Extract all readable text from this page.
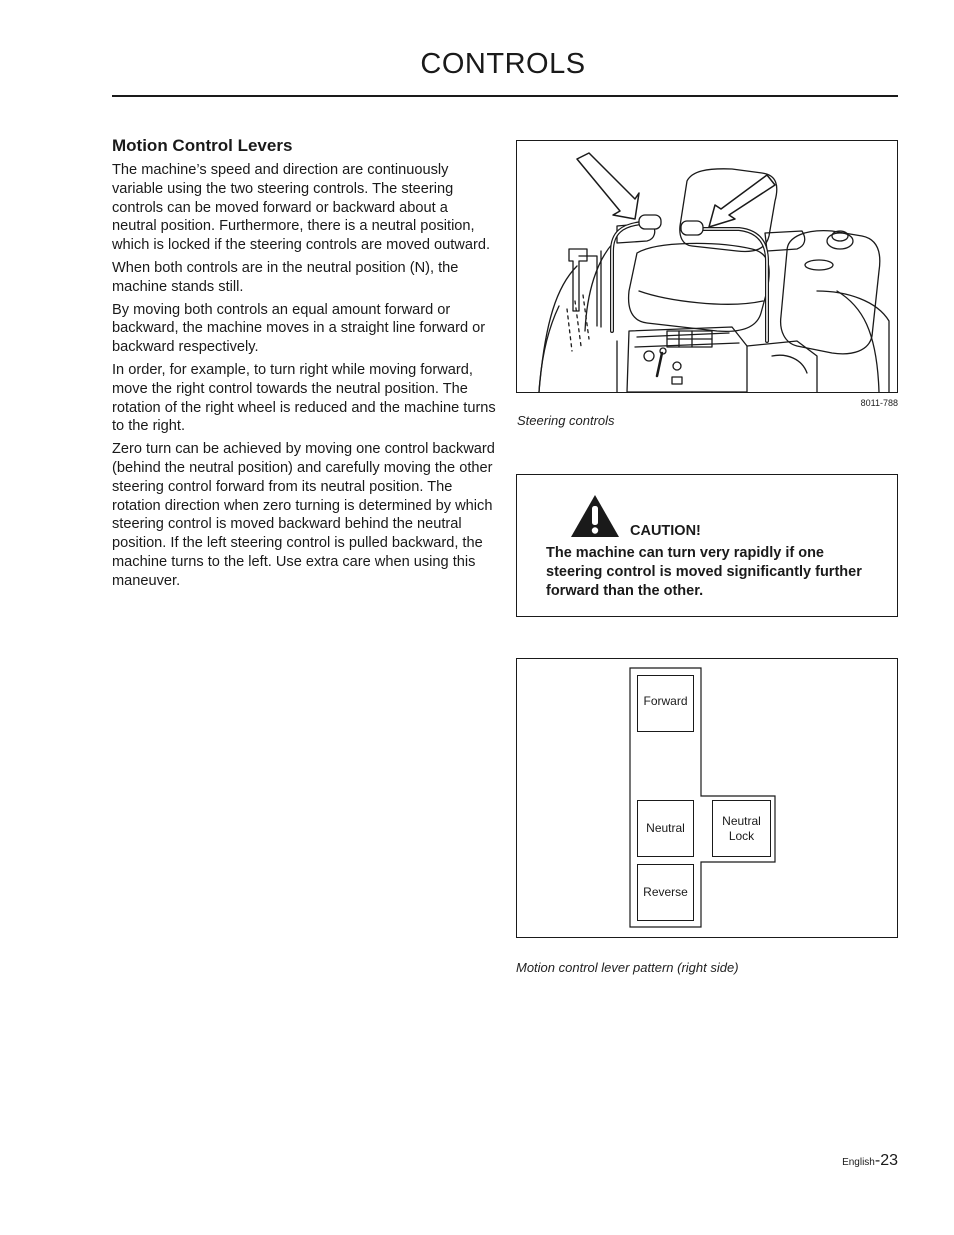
CONTROLS
Motion Control Levers

The machine’s speed and direction are continuously variable using the two steering controls. The steering controls can be moved forward or backward about a neutral position. Furthermore, there is a neutral position, which is locked if the steering controls are moved outward.

When both controls are in the neutral position (N), the machine stands still.

By moving both controls an equal amount forward or backward, the machine moves in a straight line forward or backward respectively.

In order, for example, to turn right while moving forward, move the right control towards the neutral position. The rotation of the right wheel is reduced and the machine turns to the right.

Zero turn can be achieved by moving one control backward (behind the neutral position) and carefully moving the other steering control forward from its neutral position. The rotation direction when zero turning is determined by which steering control is moved backward behind the neutral position. If the left steering control is pulled backward, the machine turns to the left. Use extra care when using this maneuver.

8011-788
Steering controls
CAUTION!
The machine can turn very rapidly if one steering control is moved significantly further forward than the other.
Forward
Neutral
Reverse
Neutral
Lock
Motion control lever pattern (right side)
English-23
